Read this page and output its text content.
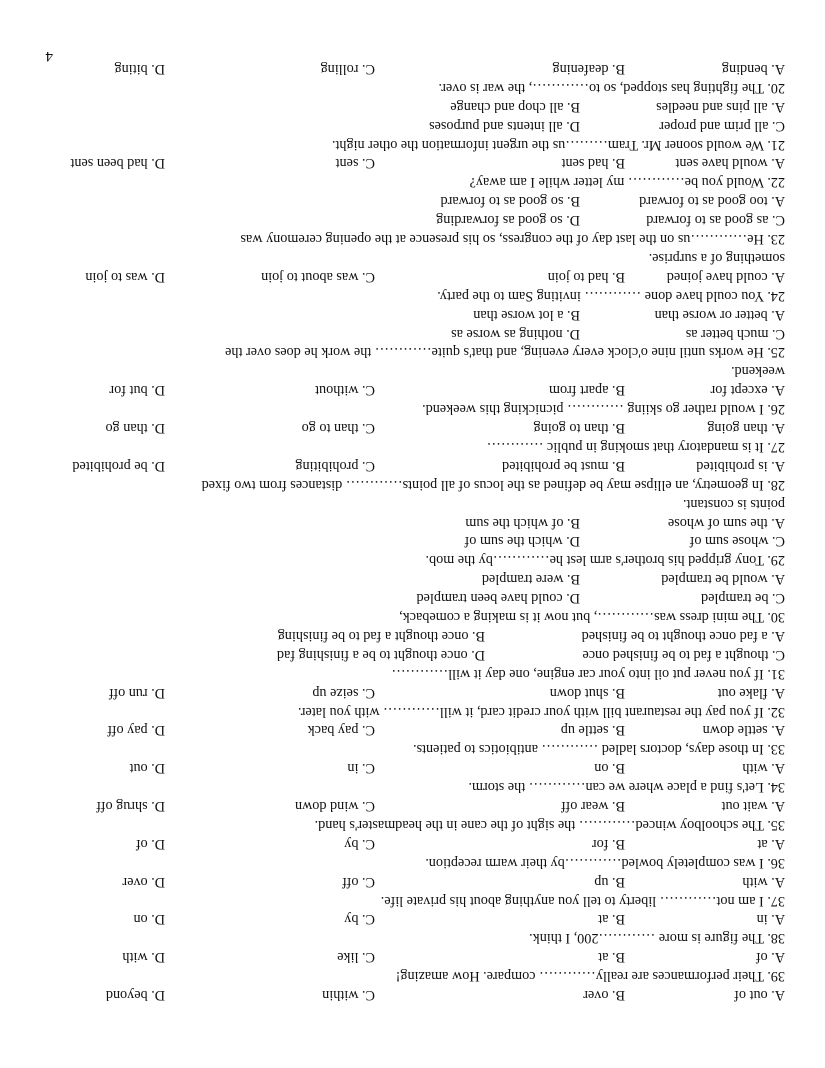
4
A. out of
B. over
C. within
D. beyond
39. Their performances are really………… compare. How amazing!
A. of
B. at
C. like
D. with
38. The figure is more …………200, I think.
A. in
B. at
C. by
D. on
37. I am not………… liberty to tell you anything about his private life.
A. with
B. up
C. off
D. over
36. I was completely bowled…………by their warm reception.
A. at
B. for
C. by
D. of
35. The schoolboy winced………… the sight of the cane in the headmaster's hand.
A. wait out
B. wear off
C. wind down
D. shrug off
34. Let's find a place where we can………… the storm.
A. with
B. on
C. in
D. out
33. In those days, doctors ladled ………… antibiotics to patients.
A. settle down
B. settle up
C. pay back
D. pay off
32. If you pay the restaurant bill with your credit card, it will………… with you later.
A. flake out
B. shut down
C. seize up
D. run off
31. If you never put oil into your car engine, one day it will…………
C. thought a fad to be finished once
D. once thought to be a finishing fad
A. a fad once thought to be finished
B. once thought a fad to be finishing
30. The mini dress was…………, but now it is making a comeback,
C. be trampled
D. could have been trampled
A. would be trampled
B. were trampled
29. Tony gripped his brother's arm lest he…………by the mob.
C. whose sum of
D. which the sum of
A. the sum of whose
B. of which the sum
points is constant.
28. In geometry, an ellipse may be defined as the locus of all points………… distances from two fixed
A. is prohibited
B. must be prohibited
C. prohibiting
D. be prohibited
27. It is mandatory that smoking in public …………
A. than going
B. than to going
C. than to go
D. than go
26. I would rather go skiing ………… picnicking this weekend.
A. except for
B. apart from
C. without
D. but for
weekend.
25. He works until nine o'clock every evening, and that's quite………… the work he does over the
C. much better as
D. nothing as worse as
A. better or worse than
B. a lot worse than
24. You could have done ………… inviting Sam to the party.
A. could have joined
B. had to join
C. was about to join
D. was to join
something of a surprise.
23. He…………us on the last day of the congress, so his presence at the opening ceremony was
C. as good as to forward
D. so good as forwarding
A. too good as to forward
B. so good as to forward
22. Would you be………… my letter while I am away?
A. would have sent
B. had sent
C. sent
D. had been sent
21. We would sooner Mr. Tram………us the urgent information the other night.
C. all prim and proper
D. all intents and purposes
A. all pins and needles
B. all chop and change
20. The fighting has stopped, so to…………, the war is over.
A. bending
B. deafening
C. rolling
D. biting
